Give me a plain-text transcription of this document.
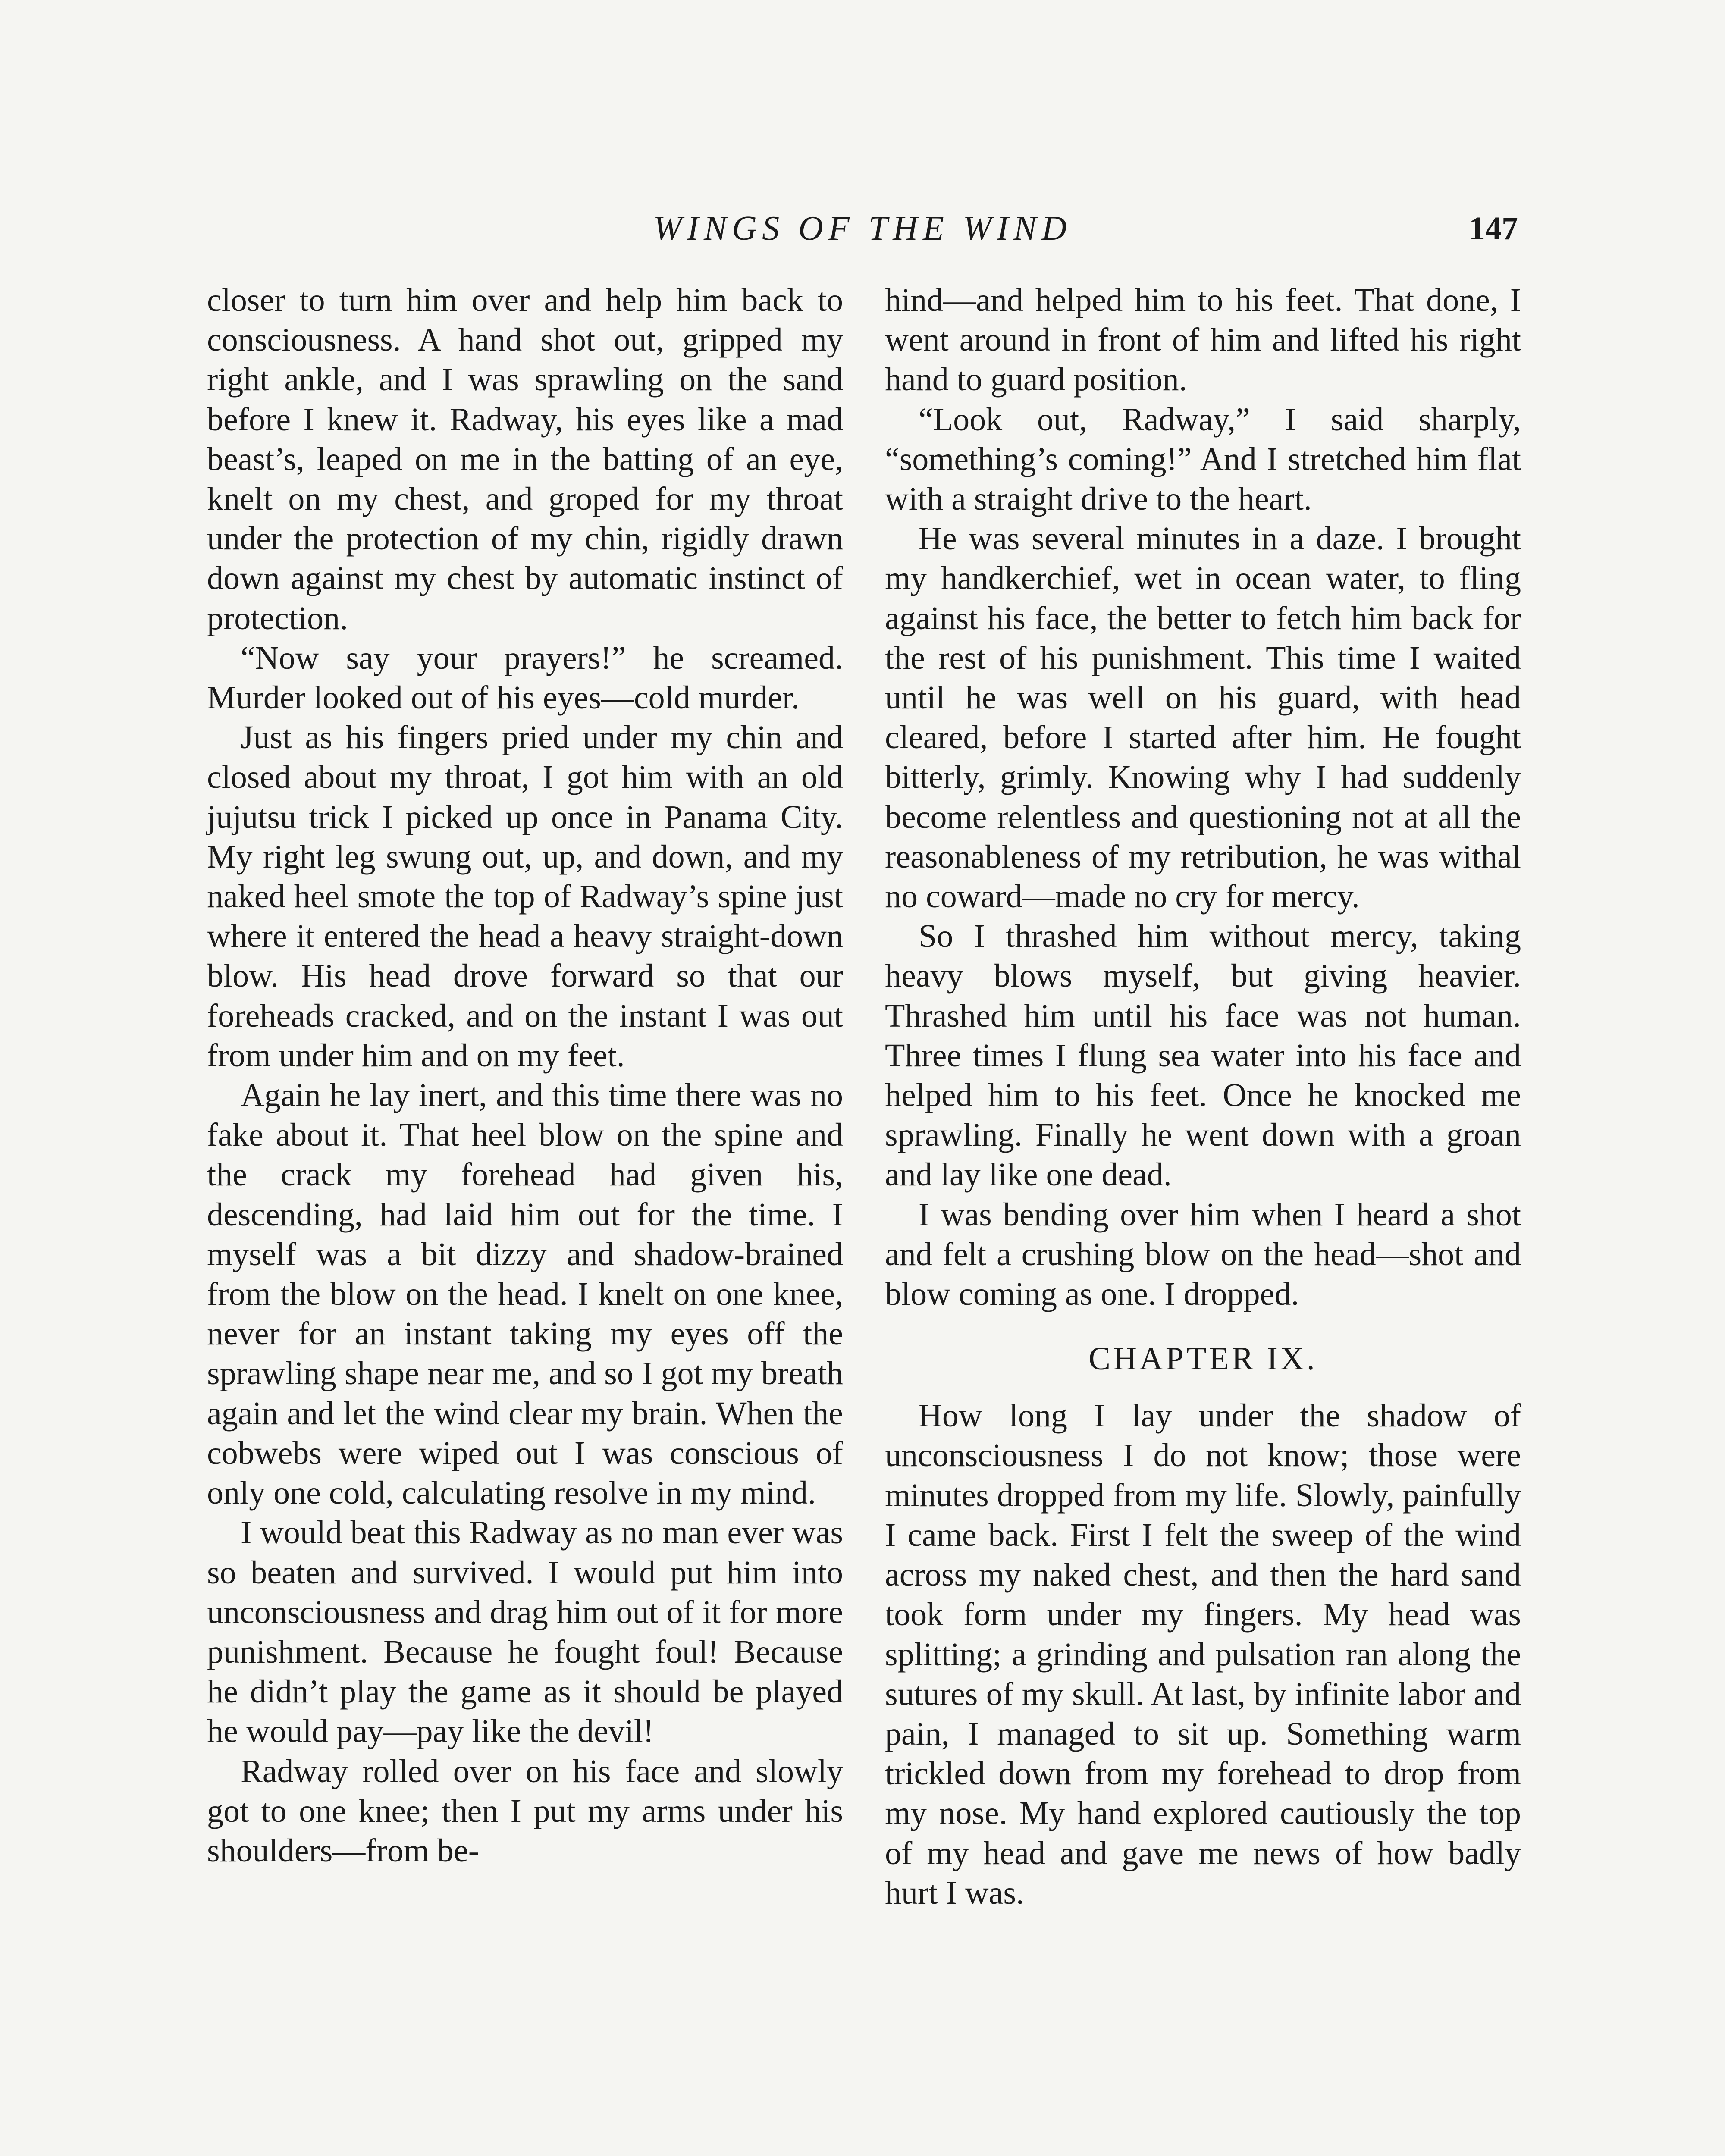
WINGS OF THE WIND	147

closer to turn him over and help him back to consciousness. A hand shot out, gripped my right ankle, and I was sprawling on the sand before I knew it. Radway, his eyes like a mad beast’s, leaped on me in the batting of an eye, knelt on my chest, and groped for my throat under the protection of my chin, rigidly drawn down against my chest by automatic instinct of protection.

“Now say your prayers!” he screamed. Murder looked out of his eyes—cold murder.

Just as his fingers pried under my chin and closed about my throat, I got him with an old jujutsu trick I picked up once in Panama City. My right leg swung out, up, and down, and my naked heel smote the top of Radway’s spine just where it entered the head a heavy straight-down blow. His head drove forward so that our foreheads cracked, and on the instant I was out from under him and on my feet.

Again he lay inert, and this time there was no fake about it. That heel blow on the spine and the crack my forehead had given his, descending, had laid him out for the time. I myself was a bit dizzy and shadow-brained from the blow on the head. I knelt on one knee, never for an instant taking my eyes off the sprawling shape near me, and so I got my breath again and let the wind clear my brain. When the cobwebs were wiped out I was conscious of only one cold, calculating resolve in my mind.

I would beat this Radway as no man ever was so beaten and survived. I would put him into unconsciousness and drag him out of it for more punishment. Because he fought foul! Because he didn’t play the game as it should be played he would pay—pay like the devil!

Radway rolled over on his face and slowly got to one knee; then I put my arms under his shoulders—from be-

hind—and helped him to his feet. That done, I went around in front of him and lifted his right hand to guard position.

“Look out, Radway,” I said sharply, “something’s coming!” And I stretched him flat with a straight drive to the heart.

He was several minutes in a daze. I brought my handkerchief, wet in ocean water, to fling against his face, the better to fetch him back for the rest of his punishment. This time I waited until he was well on his guard, with head cleared, before I started after him. He fought bitterly, grimly. Knowing why I had suddenly become relentless and questioning not at all the reasonableness of my retribution, he was withal no coward—made no cry for mercy.

So I thrashed him without mercy, taking heavy blows myself, but giving heavier. Thrashed him until his face was not human. Three times I flung sea water into his face and helped him to his feet. Once he knocked me sprawling. Finally he went down with a groan and lay like one dead.

I was bending over him when I heard a shot and felt a crushing blow on the head—shot and blow coming as one. I dropped.

CHAPTER IX.

How long I lay under the shadow of unconsciousness I do not know; those were minutes dropped from my life. Slowly, painfully I came back. First I felt the sweep of the wind across my naked chest, and then the hard sand took form under my fingers. My head was splitting; a grinding and pulsation ran along the sutures of my skull. At last, by infinite labor and pain, I managed to sit up. Something warm trickled down from my forehead to drop from my nose. My hand explored cautiously the top of my head and gave me news of how badly hurt I was.
